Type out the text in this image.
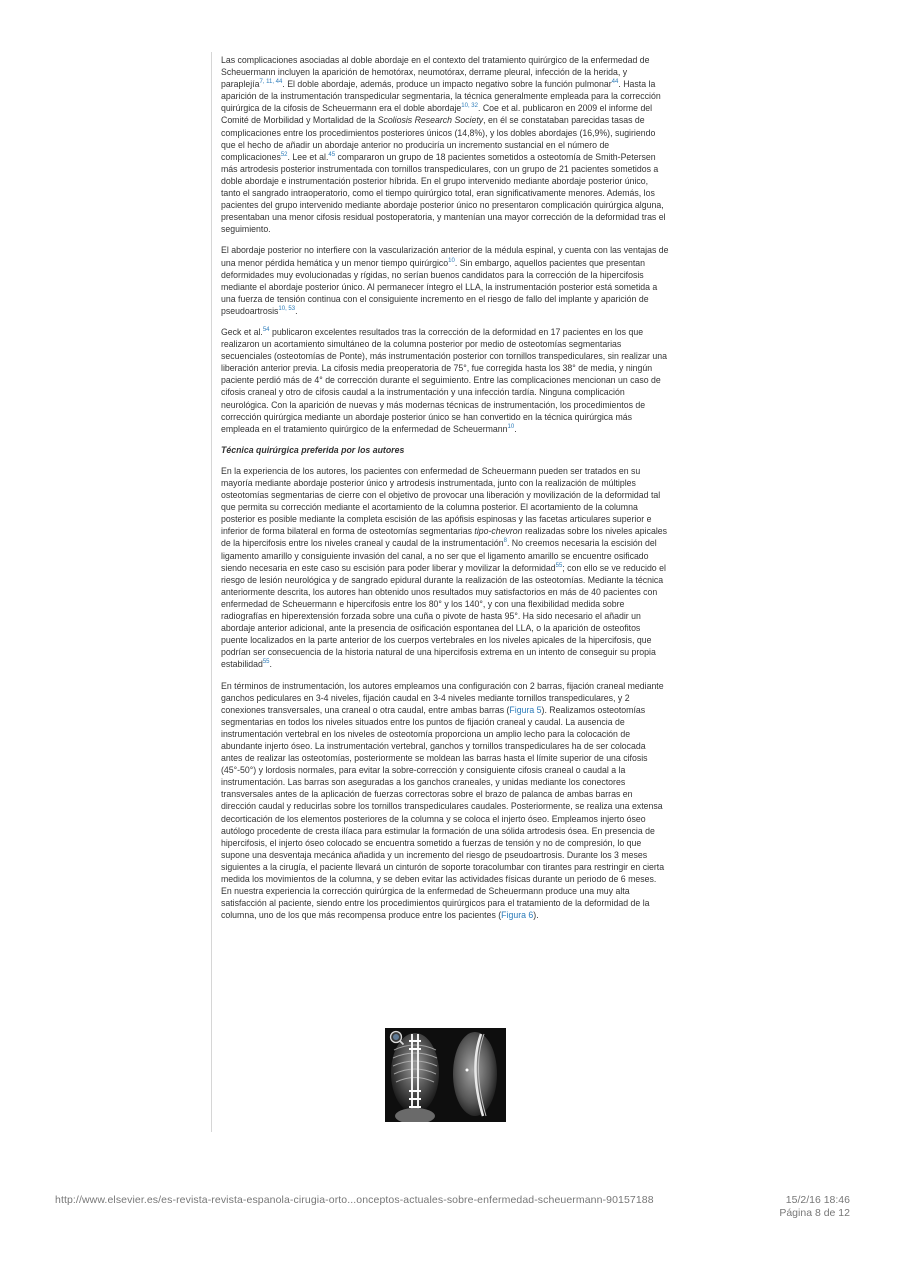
Las complicaciones asociadas al doble abordaje en el contexto del tratamiento quirúrgico de la enfermedad de Scheuermann incluyen la aparición de hemotórax, neumotórax, derrame pleural, infección de la herida, y paraplejía$^{7, 11, 44}$. El doble abordaje, además, produce un impacto negativo sobre la función pulmonar$^{44}$. Hasta la aparición de la instrumentación transpedicular segmentaria, la técnica generalmente empleada para la corrección quirúrgica de la cifosis de Scheuermann era el doble abordaje$^{10, 32}$. Coe et al. publicaron en 2009 el informe del Comité de Morbilidad y Mortalidad de la Scoliosis Research Society, en él se constataban parecidas tasas de complicaciones entre los procedimientos posteriores únicos (14,8%), y los dobles abordajes (16,9%), sugiriendo que el hecho de añadir un abordaje anterior no produciría un incremento sustancial en el número de complicaciones$^{52}$. Lee et al.$^{45}$ compararon un grupo de 18 pacientes sometidos a osteotomía de Smith-Petersen más artrodesis posterior instrumentada con tornillos transpediculares, con un grupo de 21 pacientes sometidos a doble abordaje e instrumentación posterior híbrida. En el grupo intervenido mediante abordaje posterior único, tanto el sangrado intraoperatorio, como el tiempo quirúrgico total, eran significativamente menores. Además, los pacientes del grupo intervenido mediante abordaje posterior único no presentaron complicación quirúrgica alguna, presentaban una menor cifosis residual postoperatoria, y mantenían una mayor corrección de la deformidad tras el seguimiento.

El abordaje posterior no interfiere con la vascularización anterior de la médula espinal, y cuenta con las ventajas de una menor pérdida hemática y un menor tiempo quirúrgico$^{10}$. Sin embargo, aquellos pacientes que presentan deformidades muy evolucionadas y rígidas, no serían buenos candidatos para la corrección de la hipercifosis mediante el abordaje posterior único. Al permanecer íntegro el LLA, la instrumentación posterior está sometida a una fuerza de tensión continua con el consiguiente incremento en el riesgo de fallo del implante y aparición de pseudoartrosis$^{10, 53}$.

Geck et al.$^{54}$ publicaron excelentes resultados tras la corrección de la deformidad en 17 pacientes en los que realizaron un acortamiento simultáneo de la columna posterior por medio de osteotomías segmentarias secuenciales (osteotomías de Ponte), más instrumentación posterior con tornillos transpediculares, sin realizar una liberación anterior previa. La cifosis media preoperatoria de 75°, fue corregida hasta los 38° de media, y ningún paciente perdió más de 4° de corrección durante el seguimiento. Entre las complicaciones mencionan un caso de cifosis craneal y otro de cifosis caudal a la instrumentación y una infección tardía. Ninguna complicación neurológica. Con la aparición de nuevas y más modernas técnicas de instrumentación, los procedimientos de corrección quirúrgica mediante un abordaje posterior único se han convertido en la técnica quirúrgica más empleada en el tratamiento quirúrgico de la enfermedad de Scheuermann$^{10}$.

Técnica quirúrgica preferida por los autores

En la experiencia de los autores, los pacientes con enfermedad de Scheuermann pueden ser tratados en su mayoría mediante abordaje posterior único y artrodesis instrumentada, junto con la realización de múltiples osteotomías segmentarias de cierre con el objetivo de provocar una liberación y movilización de la deformidad tal que permita su corrección mediante el acortamiento de la columna posterior. El acortamiento de la columna posterior es posible mediante la completa escisión de las apófisis espinosas y las facetas articulares superior e inferior de forma bilateral en forma de osteotomías segmentarias tipo-chevron realizadas sobre los niveles apicales de la hipercifosis entre los niveles craneal y caudal de la instrumentación$^8$. No creemos necesaria la escisión del ligamento amarillo y consiguiente invasión del canal, a no ser que el ligamento amarillo se encuentre osificado siendo necesaria en este caso su escisión para poder liberar y movilizar la deformidad$^{55}$; con ello se ve reducido el riesgo de lesión neurológica y de sangrado epidural durante la realización de las osteotomías. Mediante la técnica anteriormente descrita, los autores han obtenido unos resultados muy satisfactorios en más de 40 pacientes con enfermedad de Scheuermann e hipercifosis entre los 80° y los 140°, y con una flexibilidad medida sobre radiografías en hiperextensión forzada sobre una cuña o pivote de hasta 95°. Ha sido necesario el añadir un abordaje anterior adicional, ante la presencia de osificación espontanea del LLA, o la aparición de osteofitos puente localizados en la parte anterior de los cuerpos vertebrales en los niveles apicales de la hipercifosis, que podrían ser consecuencia de la historia natural de una hipercifosis extrema en un intento de conseguir su propia estabilidad$^{55}$.

En términos de instrumentación, los autores empleamos una configuración con 2 barras, fijación craneal mediante ganchos pediculares en 3-4 niveles, fijación caudal en 3-4 niveles mediante tornillos transpediculares, y 2 conexiones transversales, una craneal o otra caudal, entre ambas barras (Figura 5). Realizamos osteotomías segmentarias en todos los niveles situados entre los puntos de fijación craneal y caudal. La ausencia de instrumentación vertebral en los niveles de osteotomía proporciona un amplio lecho para la colocación de abundante injerto óseo. La instrumentación vertebral, ganchos y tornillos transpediculares ha de ser colocada antes de realizar las osteotomías, posteriormente se moldean las barras hasta el límite superior de una cifosis (45°-50°) y lordosis normales, para evitar la sobre-corrección y consiguiente cifosis craneal o caudal a la instrumentación. Las barras son aseguradas a los ganchos craneales, y unidas mediante los conectores transversales antes de la aplicación de fuerzas correctoras sobre el brazo de palanca de ambas barras en dirección caudal y reducirlas sobre los tornillos transpediculares caudales. Posteriormente, se realiza una extensa decorticación de los elementos posteriores de la columna y se coloca el injerto óseo. Empleamos injerto óseo autólogo procedente de cresta ilíaca para estimular la formación de una sólida artrodesis ósea. En presencia de hipercifosis, el injerto óseo colocado se encuentra sometido a fuerzas de tensión y no de compresión, lo que supone una desventaja mecánica añadida y un incremento del riesgo de pseudoartrosis. Durante los 3 meses siguientes a la cirugía, el paciente llevará un cinturón de soporte toracolumbar con tirantes para restringir en cierta medida los movimientos de la columna, y se deben evitar las actividades físicas durante un periodo de 6 meses. En nuestra experiencia la corrección quirúrgica de la enfermedad de Scheuermann produce una muy alta satisfacción al paciente, siendo entre los procedimientos quirúrgicos para el tratamiento de la deformidad de la columna, uno de los que más recompensa produce entre los pacientes (Figura 6).

http://www.elsevier.es/es-revista-revista-espanola-cirugia-orto...onceptos-actuales-sobre-enfermedad-scheuermann-90157188	15/2/16 18:46
Página 8 de 12
